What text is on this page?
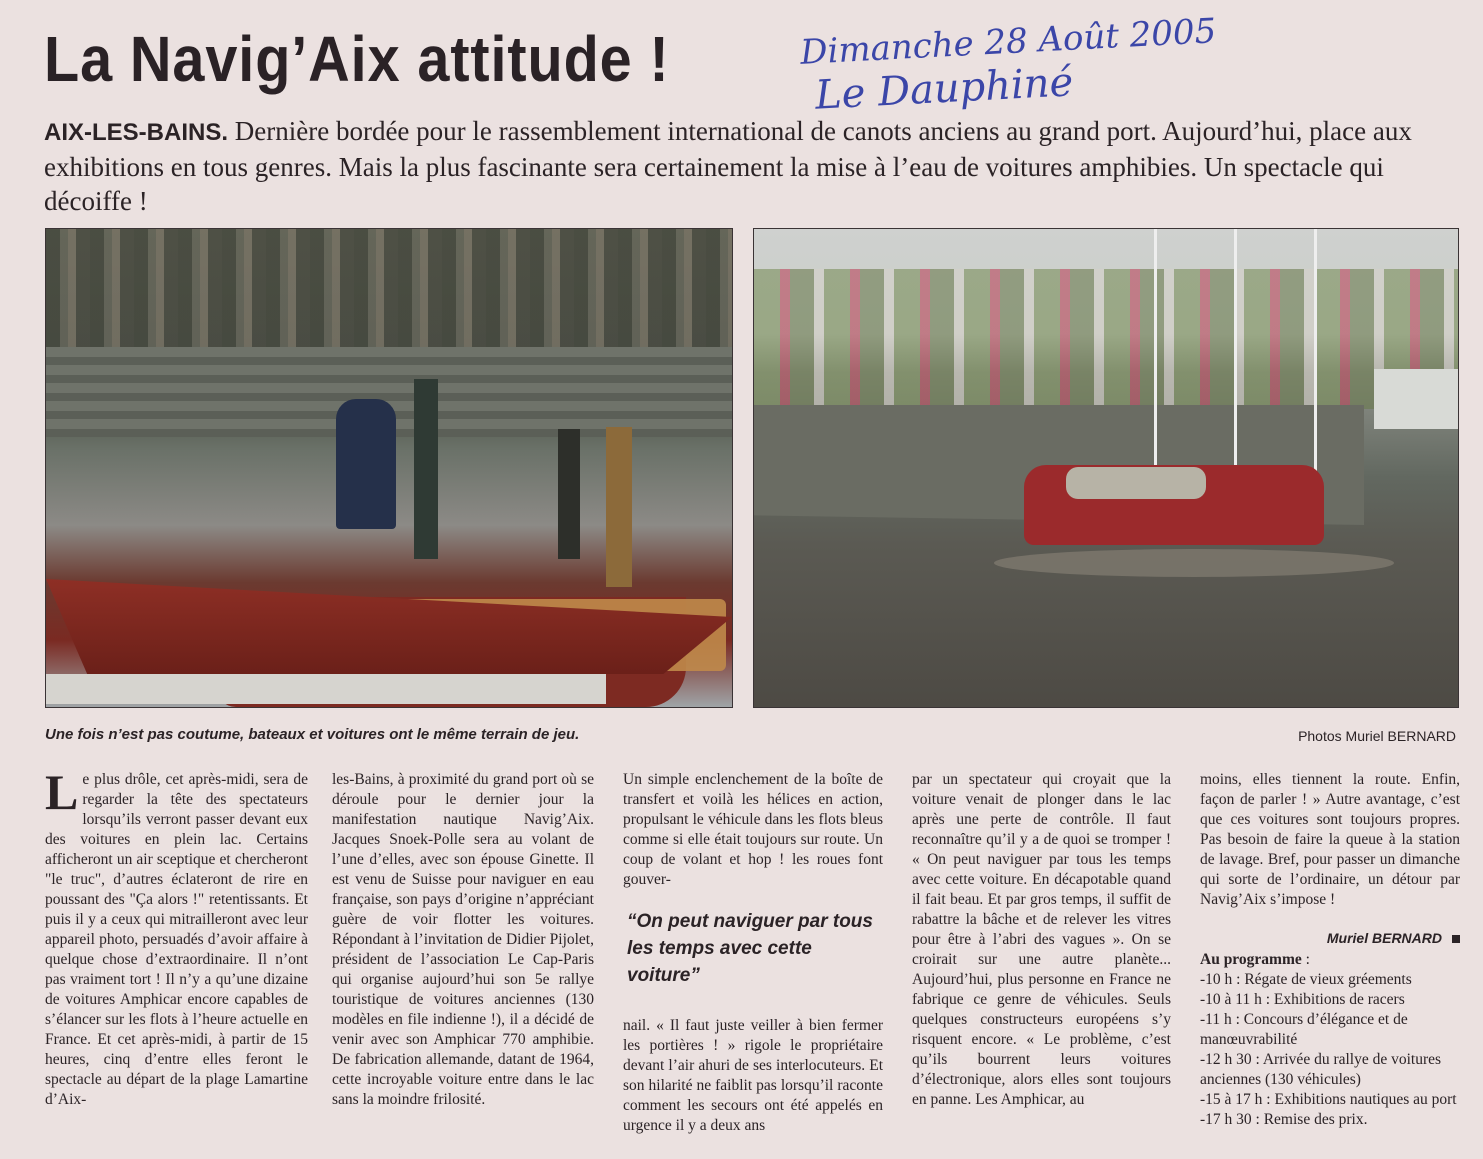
La Navig’Aix attitude !	Dimanche 28 Août 2005
Le Dauphiné
AIX-LES-BAINS. Dernière bordée pour le rassemblement international de canots anciens au grand port. Aujourd’hui, place aux exhibitions en tous genres. Mais la plus fascinante sera certainement la mise à l’eau de voitures amphibies. Un spectacle qui décoiffe !
Une fois n’est pas coutume, bateaux et voitures ont le même terrain de jeu.	Photos Muriel BERNARD
Le plus drôle, cet après-midi, sera de regarder la tête des spectateurs lorsqu’ils verront passer devant eux des voitures en plein lac. Certains afficheront un air sceptique et chercheront "le truc", d’autres éclateront de rire en poussant des "Ça alors !" retentissants. Et puis il y a ceux qui mitrailleront avec leur appareil photo, persuadés d’avoir affaire à quelque chose d’extraordinaire. Il n’ont pas vraiment tort ! Il n’y a qu’une dizaine de voitures Amphicar encore capables de s’élancer sur les flots à l’heure actuelle en France. Et cet après-midi, à partir de 15 heures, cinq d’entre elles feront le spectacle au départ de la plage Lamartine d’Aix-
les-Bains, à proximité du grand port où se déroule pour le dernier jour la manifestation nautique Navig’Aix. Jacques Snoek-Polle sera au volant de l’une d’elles, avec son épouse Ginette. Il est venu de Suisse pour naviguer en eau française, son pays d’origine n’appréciant guère de voir flotter les voitures. Répondant à l’invitation de Didier Pijolet, président de l’association Le Cap-Paris qui organise aujourd’hui son 5e rallye touristique de voitures anciennes (130 modèles en file indienne !), il a décidé de venir avec son Amphicar 770 amphibie. De fabrication allemande, datant de 1964, cette incroyable voiture entre dans le lac sans la moindre frilosité.
Un simple enclenchement de la boîte de transfert et voilà les hélices en action, propulsant le véhicule dans les flots bleus comme si elle était toujours sur route. Un coup de volant et hop ! les roues font gouver-
“On peut naviguer par tous les temps avec cette voiture”
nail. « Il faut juste veiller à bien fermer les portières ! » rigole le propriétaire devant l’air ahuri de ses interlocuteurs. Et son hilarité ne faiblit pas lorsqu’il raconte comment les secours ont été appelés en urgence il y a deux ans
par un spectateur qui croyait que la voiture venait de plonger dans le lac après une perte de contrôle. Il faut reconnaître qu’il y a de quoi se tromper ! « On peut naviguer par tous les temps avec cette voiture. En décapotable quand il fait beau. Et par gros temps, il suffit de rabattre la bâche et de relever les vitres pour être à l’abri des vagues ». On se croirait sur une autre planète... Aujourd’hui, plus personne en France ne fabrique ce genre de véhicules. Seuls quelques constructeurs européens s’y risquent encore. « Le problème, c’est qu’ils bourrent leurs voitures d’électronique, alors elles sont toujours en panne. Les Amphicar, au
moins, elles tiennent la route. Enfin, façon de parler ! » Autre avantage, c’est que ces voitures sont toujours propres. Pas besoin de faire la queue à la station de lavage. Bref, pour passer un dimanche qui sorte de l’ordinaire, un détour par Navig’Aix s’impose !
Muriel BERNARD
Au programme :
-10 h : Régate de vieux gréements
-10 à 11 h : Exhibitions de racers
-11 h : Concours d’élégance et de manœuvrabilité
-12 h 30 : Arrivée du rallye de voitures anciennes (130 véhicules)
-15 à 17 h : Exhibitions nautiques au port
-17 h 30 : Remise des prix.
